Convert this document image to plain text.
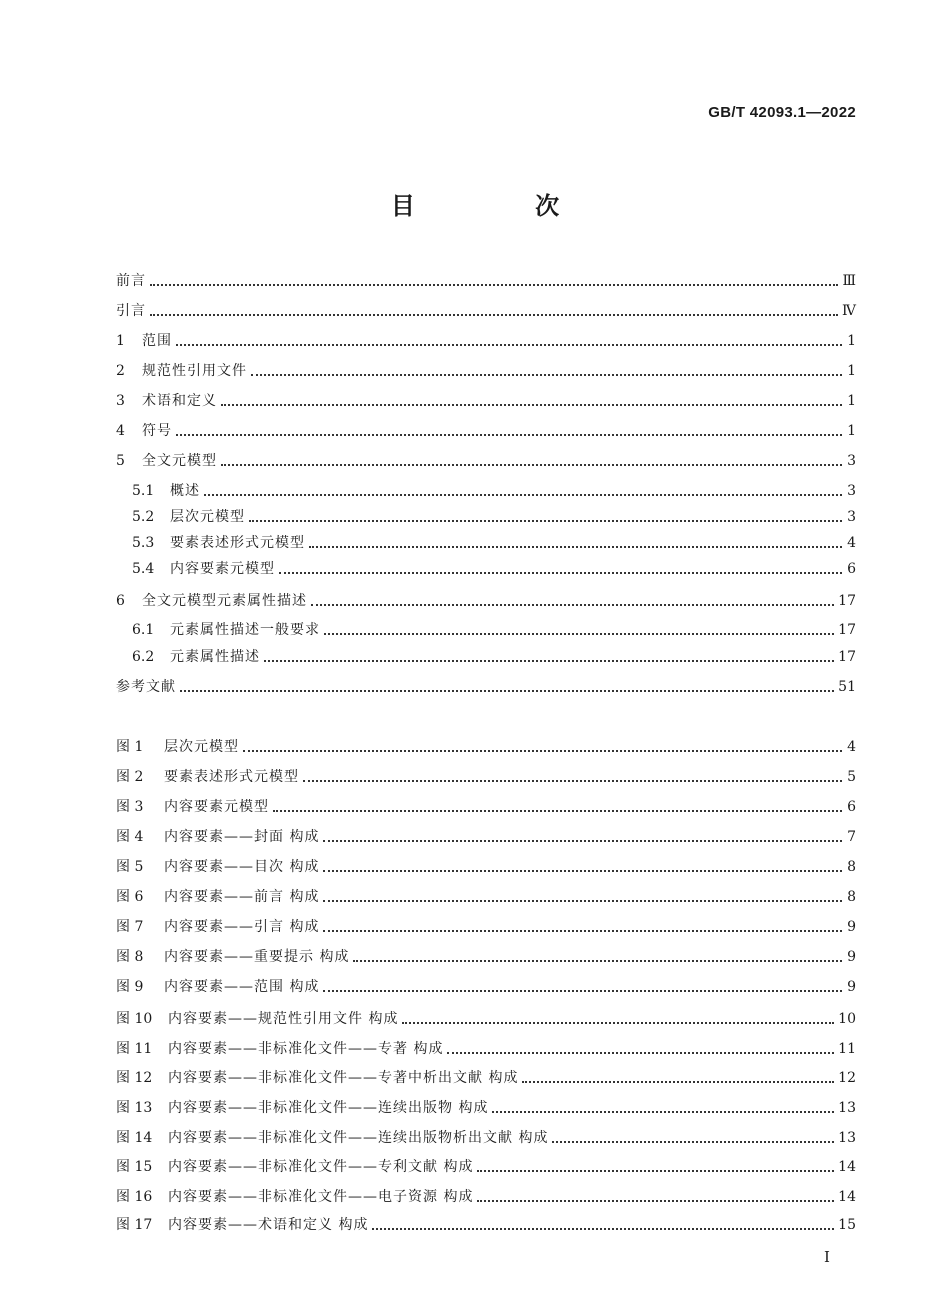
GB/T 42093.1—2022
目 次
前言	Ⅲ
引言	Ⅳ
1	范围	1
2	规范性引用文件	1
3	术语和定义	1
4	符号	1
5	全文元模型	3
5.1	概述	3
5.2	层次元模型	3
5.3	要素表述形式元模型	4
5.4	内容要素元模型	6
6	全文元模型元素属性描述	17
6.1	元素属性描述一般要求	17
6.2	元素属性描述	17
参考文献	51
图 1	层次元模型	4
图 2	要素表述形式元模型	5
图 3	内容要素元模型	6
图 4	内容要素——封面 构成	7
图 5	内容要素——目次 构成	8
图 6	内容要素——前言 构成	8
图 7	内容要素——引言 构成	9
图 8	内容要素——重要提示 构成	9
图 9	内容要素——范围 构成	9
图 10	内容要素——规范性引用文件 构成	10
图 11	内容要素——非标准化文件——专著 构成	11
图 12	内容要素——非标准化文件——专著中析出文献 构成	12
图 13	内容要素——非标准化文件——连续出版物 构成	13
图 14	内容要素——非标准化文件——连续出版物析出文献 构成	13
图 15	内容要素——非标准化文件——专利文献 构成	14
图 16	内容要素——非标准化文件——电子资源 构成	14
图 17	内容要素——术语和定义 构成	15
I
